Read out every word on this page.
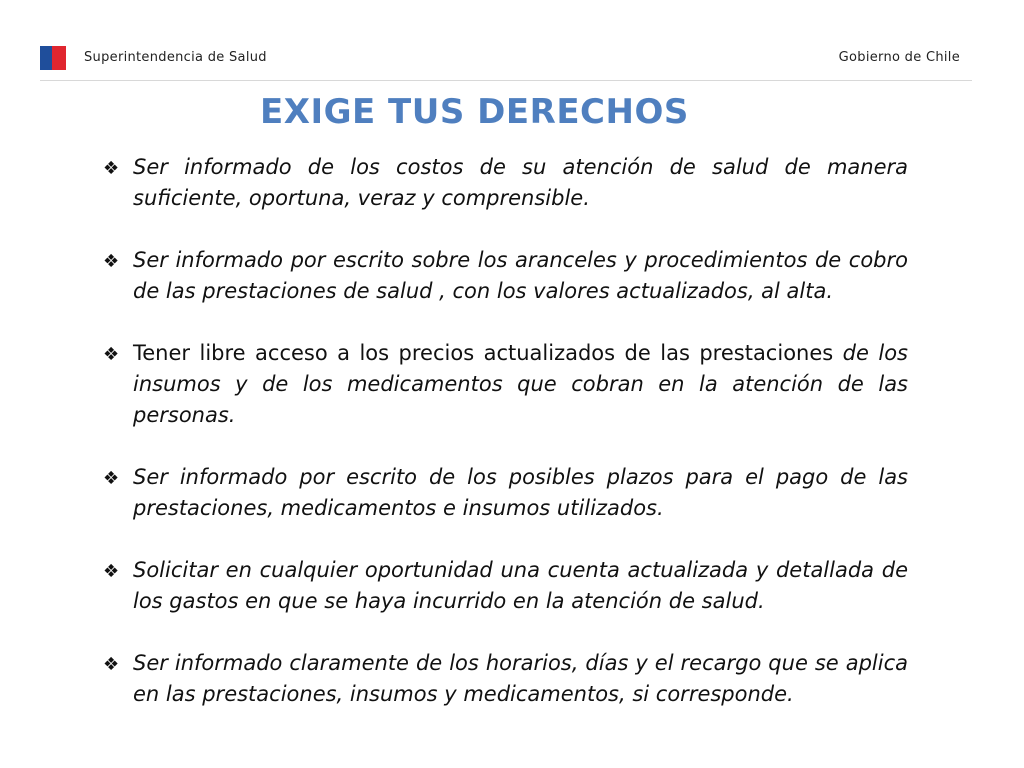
Superintendencia de Salud	Gobierno de Chile
EXIGE TUS DERECHOS
❖ Ser informado de los costos de su atención de salud de manera suficiente, oportuna, veraz y comprensible.
❖ Ser informado por escrito sobre los aranceles y procedimientos de cobro de las prestaciones de salud , con los valores actualizados, al alta.
❖ Tener libre acceso a los precios actualizados de las prestaciones de los insumos y de los medicamentos que cobran en la atención de las personas.
❖ Ser informado por escrito de los posibles plazos para el pago de las prestaciones, medicamentos e insumos utilizados.
❖ Solicitar en cualquier oportunidad una cuenta actualizada y detallada de los gastos en que se haya incurrido en la atención de salud.
❖ Ser informado claramente de los horarios, días y el recargo que se aplica en las prestaciones, insumos y medicamentos, si corresponde.
